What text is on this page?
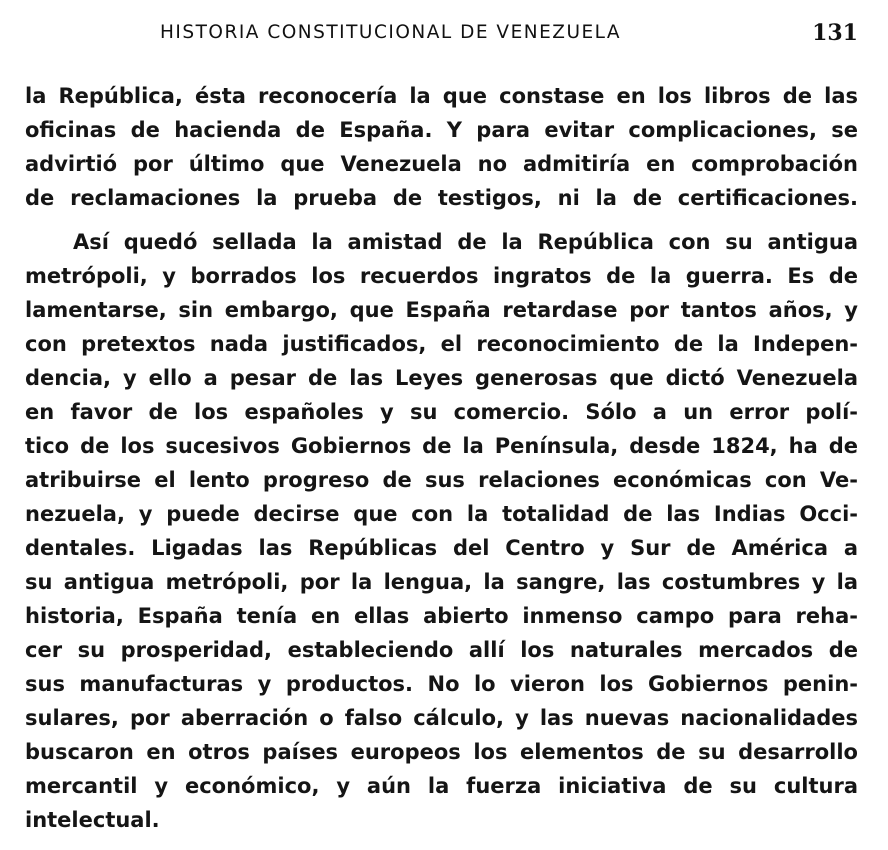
HISTORIA CONSTITUCIONAL DE VENEZUELA	131

la República, ésta reconocería la que constase en los libros de las
oficinas de hacienda de España. Y para evitar complicaciones, se
advirtió por último que Venezuela no admitiría en comprobación
de reclamaciones la prueba de testigos, ni la de certificaciones.

Así quedó sellada la amistad de la República con su antigua
metrópoli, y borrados los recuerdos ingratos de la guerra. Es de
lamentarse, sin embargo, que España retardase por tantos años, y
con pretextos nada justificados, el reconocimiento de la Indepen-
dencia, y ello a pesar de las Leyes generosas que dictó Venezuela
en favor de los españoles y su comercio. Sólo a un error polí-
tico de los sucesivos Gobiernos de la Península, desde 1824, ha de
atribuirse el lento progreso de sus relaciones económicas con Ve-
nezuela, y puede decirse que con la totalidad de las Indias Occi-
dentales. Ligadas las Repúblicas del Centro y Sur de América a
su antigua metrópoli, por la lengua, la sangre, las costumbres y la
historia, España tenía en ellas abierto inmenso campo para reha-
cer su prosperidad, estableciendo allí los naturales mercados de
sus manufacturas y productos. No lo vieron los Gobiernos penin-
sulares, por aberración o falso cálculo, y las nuevas nacionalidades
buscaron en otros países europeos los elementos de su desarrollo
mercantil y económico, y aún la fuerza iniciativa de su cultura
intelectual.
